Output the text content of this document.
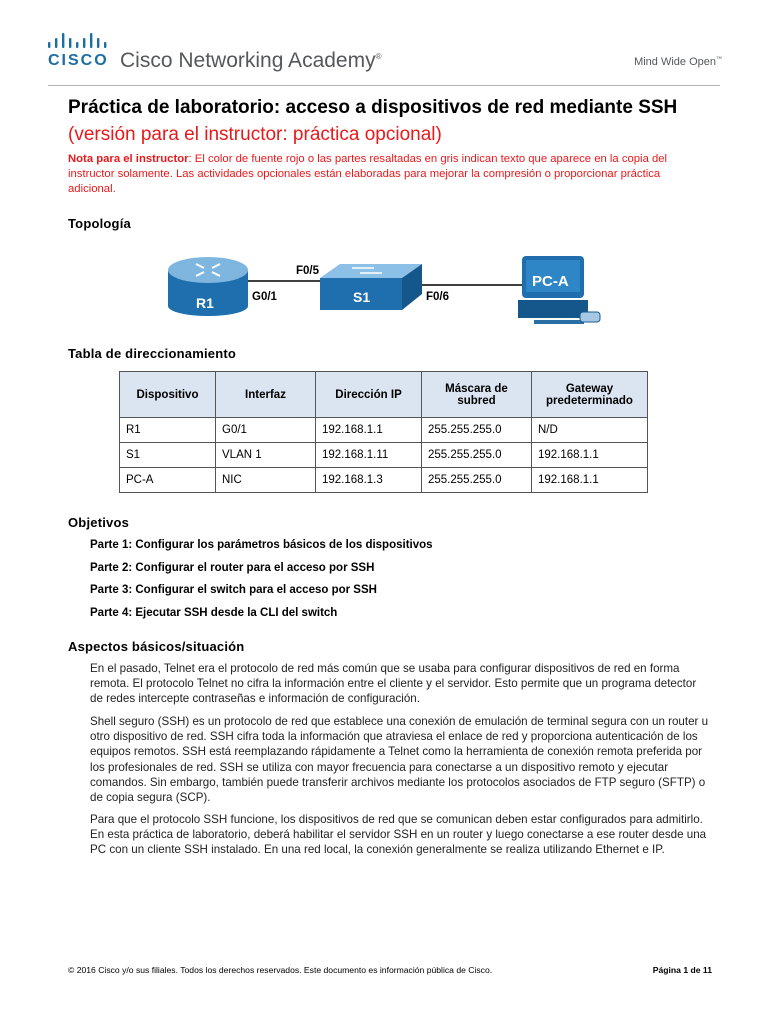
CISCO Cisco Networking Academy®	Mind Wide Open™
Práctica de laboratorio: acceso a dispositivos de red mediante SSH (versión para el instructor: práctica opcional)
Nota para el instructor: El color de fuente rojo o las partes resaltadas en gris indican texto que aparece en la copia del instructor solamente. Las actividades opcionales están elaboradas para mejorar la compresión o proporcionar práctica adicional.
Topología
R1	S1
PC-A
G0/1
F0/5
F0/6
Tabla de direccionamiento
Dispositivo	Interfaz	Dirección IP	Máscara de subred	Gateway predeterminado
R1	G0/1	192.168.1.1	255.255.255.0	N/D
S1	VLAN 1	192.168.1.11	255.255.255.0	192.168.1.1
PC-A	NIC	192.168.1.3	255.255.255.0	192.168.1.1
Objetivos
Parte 1: Configurar los parámetros básicos de los dispositivos
Parte 2: Configurar el router para el acceso por SSH
Parte 3: Configurar el switch para el acceso por SSH
Parte 4: Ejecutar SSH desde la CLI del switch
Aspectos básicos/situación

En el pasado, Telnet era el protocolo de red más común que se usaba para configurar dispositivos de red en forma remota. El protocolo Telnet no cifra la información entre el cliente y el servidor. Esto permite que un programa detector de redes intercepte contraseñas e información de configuración.

Shell seguro (SSH) es un protocolo de red que establece una conexión de emulación de terminal segura con un router u otro dispositivo de red. SSH cifra toda la información que atraviesa el enlace de red y proporciona autenticación de los equipos remotos. SSH está reemplazando rápidamente a Telnet como la herramienta de conexión remota preferida por los profesionales de red. SSH se utiliza con mayor frecuencia para conectarse a un dispositivo remoto y ejecutar comandos. Sin embargo, también puede transferir archivos mediante los protocolos asociados de FTP seguro (SFTP) o de copia segura (SCP).

Para que el protocolo SSH funcione, los dispositivos de red que se comunican deben estar configurados para admitirlo. En esta práctica de laboratorio, deberá habilitar el servidor SSH en un router y luego conectarse a ese router desde una PC con un cliente SSH instalado. En una red local, la conexión generalmente se realiza utilizando Ethernet e IP.

© 2016 Cisco y/o sus filiales. Todos los derechos reservados. Este documento es información pública de Cisco.	Página 1 de 11
